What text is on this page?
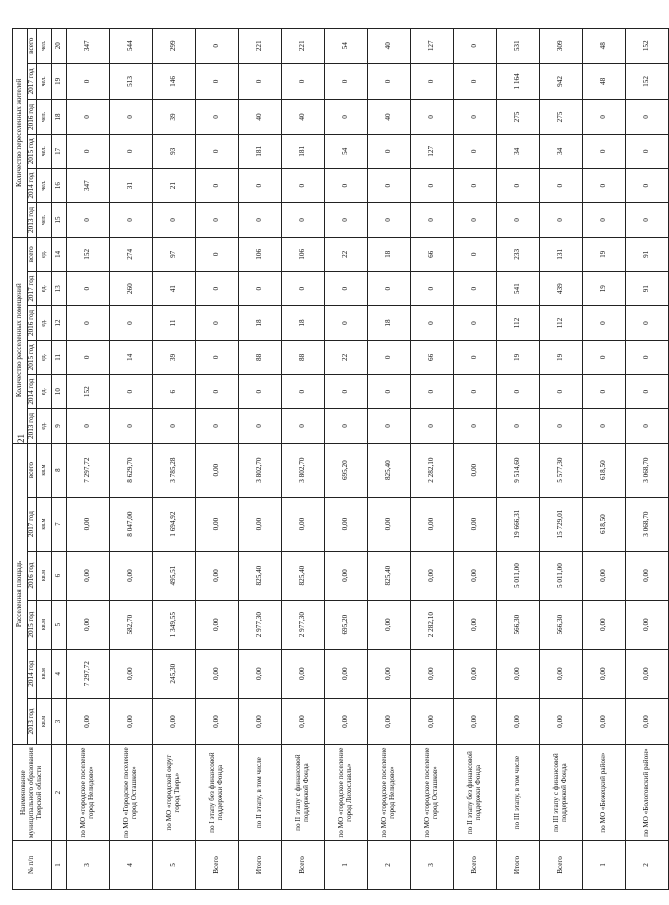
21
№ п/п	Наименование муниципального образования Тверской области	Расселенная площадь						Количество расселенных помещений						Количество переселенных жителей					
		2013 год	2014 год	2015 год	2016 год	2017 год	всего	2013 год	2014 год	2015 год	2016 год	2017 год	всего	2013 год	2014 год	2015 год	2016 год	2017 год	всего
		кв.м	кв.м	кв.м	кв.м	кв.м	кв.м	ед.	ед.	ед.	ед.	ед.	ед.	чел.	чел.	чел.	чел.	чел.	чел.
1	2	3	4	5	6	7	8	9	10	11	12	13	14	15	16	17	18	19	20
3	по МО «городское поселение город Нелидово»	0,00	7 297,72	0,00	0,00	0,00	7 297,72	0	152	0	0	0	152	0	347	0	0	0	347
4	по МО «Городское поселение город Осташков»	0,00	0,00	582,70	0,00	8 047,00	8 629,70	0	0	14	0	260	274	0	31	0	0	513	544
5	по МО «городской округ город Тверь»	0,00	245,30	1 349,55	495,51	1 694,92	3 785,28	0	6	39	11	41	97	0	21	93	39	146	299
Всего	по I этапу без финансовой поддержки Фонда	0,00	0,00	0,00	0,00	0,00	0,00	0	0	0	0	0	0	0	0	0	0	0	0
Итого	по II этапу, в том числе	0,00	0,00	2 977,30	825,40	0,00	3 802,70	0	0	88	18	0	106	0	0	181	40	0	221
Всего	по II этапу с финансовой поддержкой Фонда	0,00	0,00	2 977,30	825,40	0,00	3 802,70	0	0	88	18	0	106	0	0	181	40	0	221
1	по МО «городское поселение город Лихославль»	0,00	0,00	695,20	0,00	0,00	695,20	0	0	22	0	0	22	0	0	54	0	0	54
2	по МО «городское поселение город Нелидово»	0,00	0,00	0,00	825,40	0,00	825,40	0	0	0	18	0	18	0	0	0	40	0	40
3	по МО «городское поселение город Осташков»	0,00	0,00	2 282,10	0,00	0,00	2 282,10	0	0	66	0	0	66	0	0	127	0	0	127
Всего	по II этапу без финансовой поддержки Фонда	0,00	0,00	0,00	0,00	0,00	0,00	0	0	0	0	0	0	0	0	0	0	0	0
Итого	по III этапу, в том числе	0,00	0,00	566,30	5 011,00	19 666,31	9 514,60	0	0	19	112	541	233	0	0	34	275	1 164	531
Всего	по III этапу с финансовой поддержкой Фонда	0,00	0,00	566,30	5 011,00	15 729,01	5 577,30	0	0	19	112	439	131	0	0	34	275	942	309
1	по МО «Бежецкий район»	0,00	0,00	0,00	0,00	618,50	618,50	0	0	0	0	19	19	0	0	0	0	48	48
2	по МО «Бологовский район»	0,00	0,00	0,00	0,00	3 068,70	3 068,70	0	0	0	0	91	91	0	0	0	0	152	152
